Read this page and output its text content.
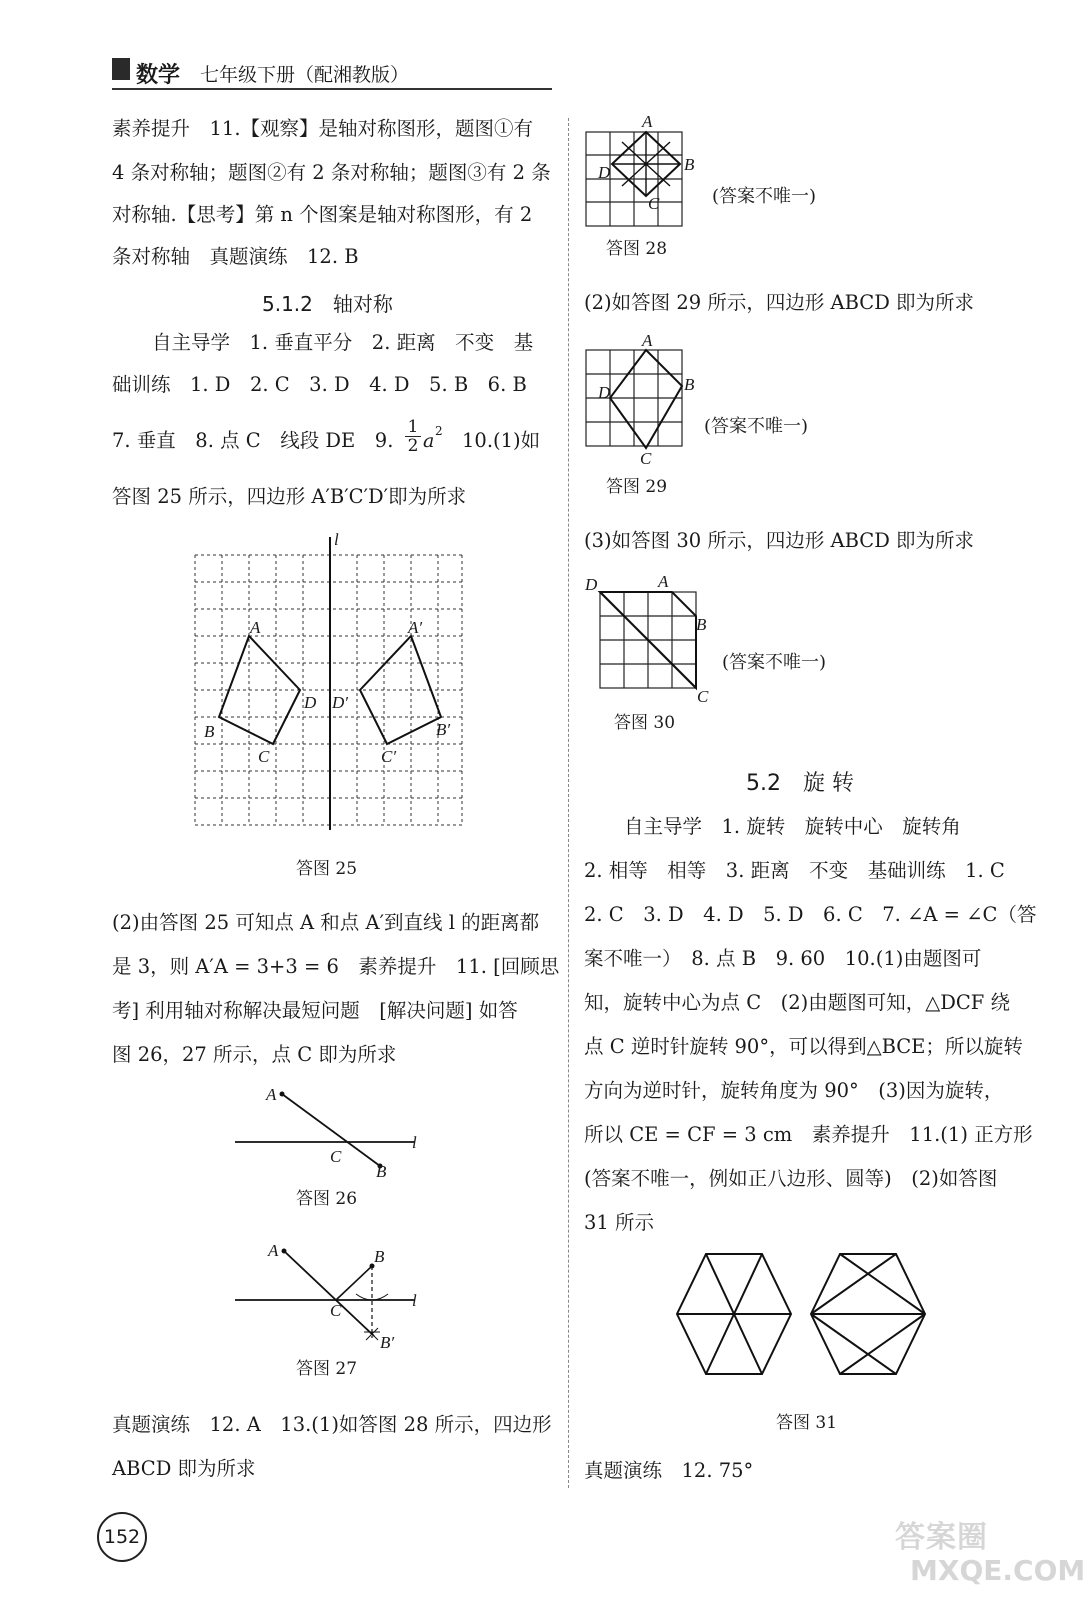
数学 七年级下册（配湘教版）
素养提升　11.【观察】是轴对称图形，题图①有
4 条对称轴；题图②有 2 条对称轴；题图③有 2 条
对称轴.【思考】第 n 个图案是轴对称图形，有 2
条对称轴　真题演练　12. B
5.1.2　轴对称
自主导学　1. 垂直平分　2. 距离　不变　基
础训练　1. D　2. C　3. D　4. D　5. B　6. B
7. 垂直　8. 点 C　线段 DE　9. $\frac{1}{2}$ a 2 10.(1)如
答图 25 所示，四边形 A′B′C′D′即为所求
l
A	A′
B	B′
C	C′
D D′
答图 25
(2)由答图 25 可知点 A 和点 A′到直线 l 的距离都
是 3，则 A′A = 3+3 = 6　素养提升　11. [回顾思
考] 利用轴对称解决最短问题　[解决问题] 如答
图 26，27 所示，点 C 即为所求
A
B
C
l
答图 26
A	B
C
l
B′
答图 27
真题演练　12. A　13.(1)如答图 28 所示，四边形
ABCD 即为所求
A
B
C
D
(答案不唯一)
答图 28
(2)如答图 29 所示，四边形 ABCD 即为所求
A
B
C
D
(答案不唯一)
答图 29
(3)如答图 30 所示，四边形 ABCD 即为所求
A
B
C
D
(答案不唯一)
答图 30
5.2　旋 转
自主导学　1. 旋转　旋转中心　旋转角
2. 相等　相等　3. 距离　不变　基础训练　1. C
2. C　3. D　4. D　5. D　6. C　7. ∠A = ∠C（答
案不唯一）　8. 点 B　9. 60　10.(1)由题图可
知，旋转中心为点 C　(2)由题图可知，△DCF 绕
点 C 逆时针旋转 90°，可以得到△BCE；所以旋转
方向为逆时针，旋转角度为 90°　(3)因为旋转，
所以 CE = CF = 3 cm　素养提升　11.(1) 正方形
(答案不唯一，例如正八边形、圆等)　(2)如答图
31 所示
答图 31
真题演练　12. 75°
152	答案圈
MXQE.COM
